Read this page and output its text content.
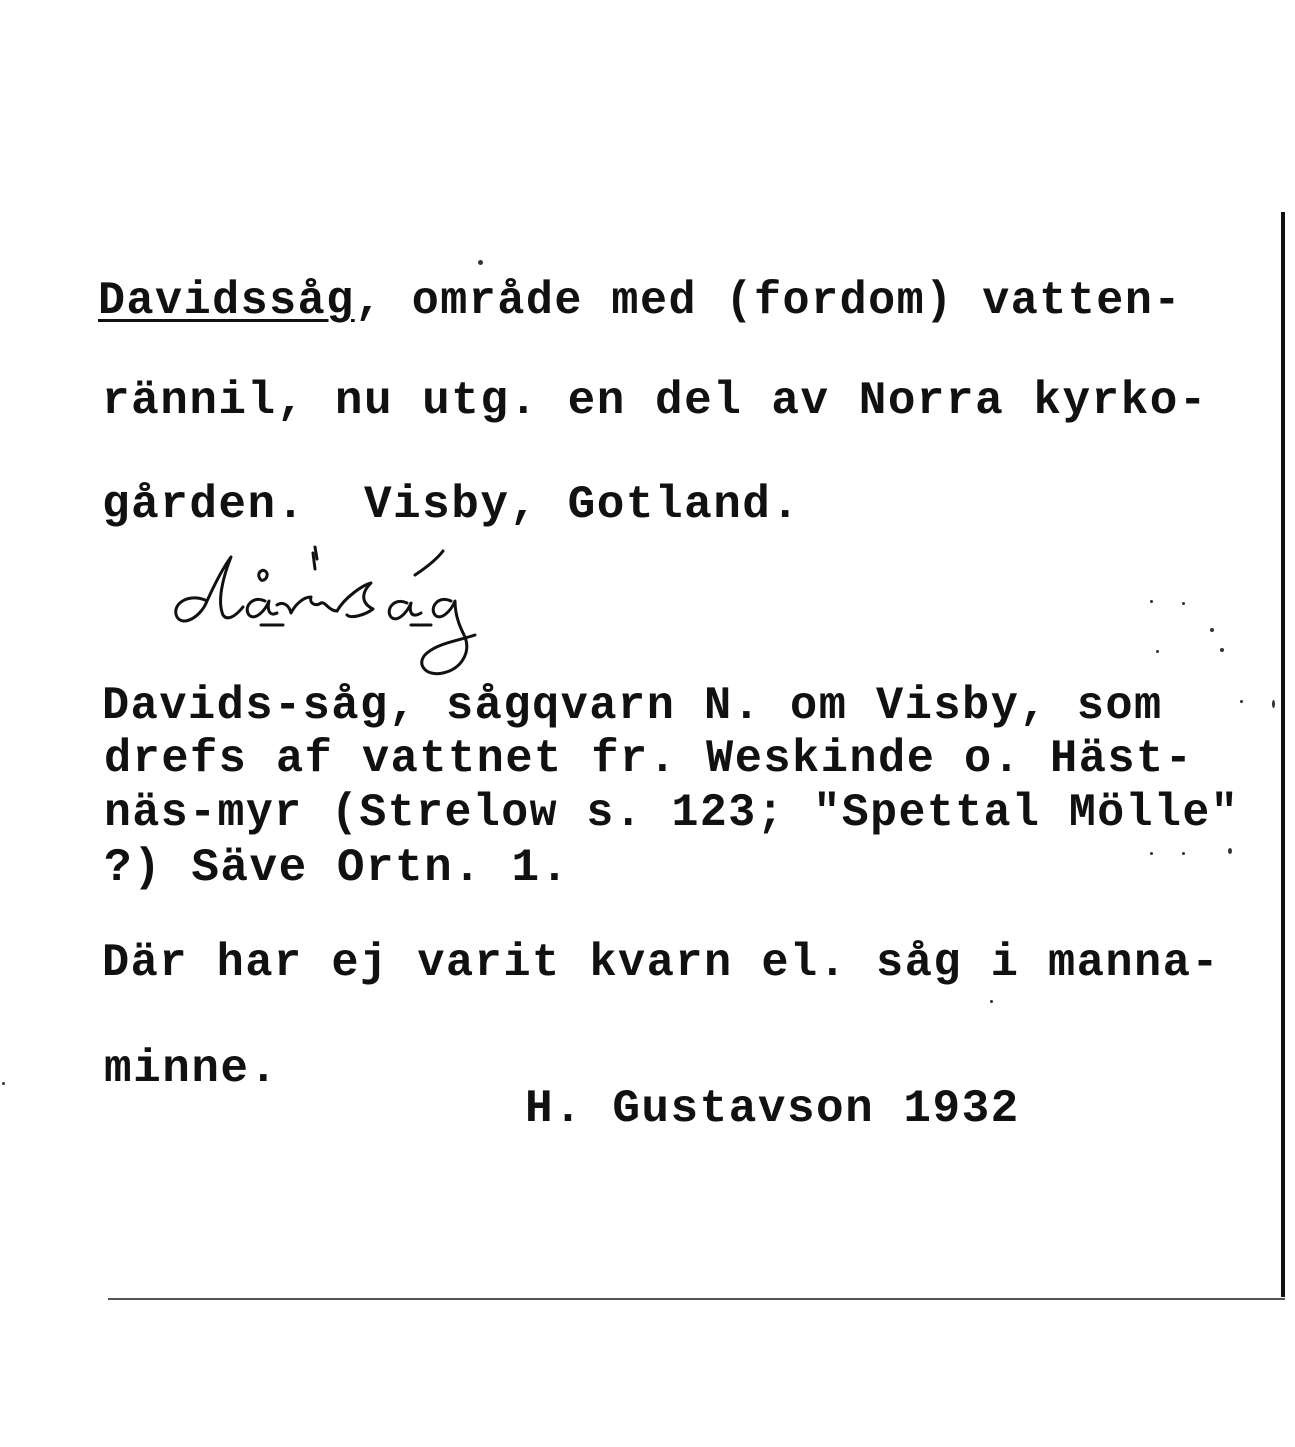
Davidssåg, område med (fordom) vatten-
rännil, nu utg. en del av Norra kyrko-
gården.  Visby, Gotland.
Davids-såg, sågqvarn N. om Visby, som
drefs af vattnet fr. Weskinde o. Häst-
näs-myr (Strelow s. 123; "Spettal Mölle"
?) Säve Ortn. 1.
Där har ej varit kvarn el. såg i manna-
minne.
H. Gustavson 1932
